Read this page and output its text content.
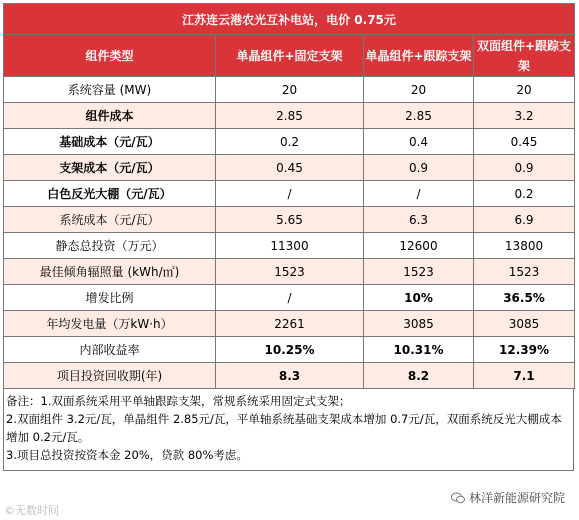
江苏连云港农光互补电站，电价 0.75元			
组件类型	单晶组件+固定支架	单晶组件+跟踪支架	双面组件+跟踪支架
系统容量 (MW)	20	20	20
组件成本	2.85	2.85	3.2
基础成本（元/瓦）	0.2	0.4	0.45
支架成本（元/瓦）	0.45	0.9	0.9
白色反光大棚（元/瓦）	/	/	0.2
系统成本（元/瓦）	5.65	6.3	6.9
静态总投资（万元）	11300	12600	13800
最佳倾角辐照量 (kWh/㎡)	1523	1523	1523
增发比例	/	10%	36.5%
年均发电量（万kW·h）	2261	3085	3085
内部收益率	10.25%	10.31%	12.39%
项目投资回收期(年)	8.3	8.2	7.1
备注：1.双面系统采用平单轴跟踪支架，常规系统采用固定式支架；
2.双面组件 3.2元/瓦，单晶组件 2.85元/瓦，平单轴系统基础支架成本增加 0.7元/瓦，双面系统反光大棚成本增加 0.2元/瓦。
3.项目总投资按资本金 20%，贷款 80%考虑。
林洋新能源研究院
©无数时间
